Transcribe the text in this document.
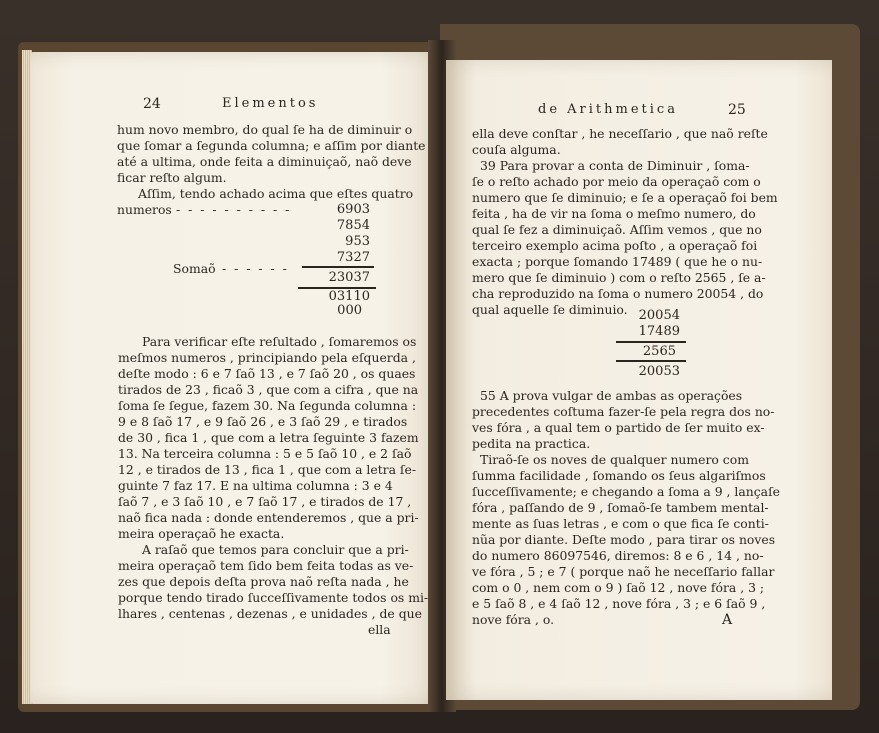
24	Elementos
hum novo membro, do qual ſe ha de diminuir o
que ſomar a ſegunda columna; e aſſim por diante
até a ultima, onde feita a diminuiçaõ, naõ deve
ficar reſto algum.
Aſſim, tendo achado acima que eſtes quatro
numeros - - - - - - - - - -	6903
7854
953
7327
Somaõ - - - - - -
23037
03110
000
Para verificar eſte reſultado , ſomaremos os
meſmos numeros , principiando pela eſquerda ,
deſte modo : 6 e 7 ſaõ 13 , e 7 ſaõ 20 , os quaes
tirados de 23 , ficaõ 3 , que com a cifra , que na
ſoma ſe ſegue, fazem 30. Na ſegunda columna :
9 e 8 ſaõ 17 , e 9 ſaõ 26 , e 3 ſaõ 29 , e tirados
de 30 , fica 1 , que com a letra ſeguinte 3 fazem
13. Na terceira columna : 5 e 5 ſaõ 10 , e 2 ſaõ
12 , e tirados de 13 , fica 1 , que com a letra ſe-
guinte 7 faz 17. E na ultima columna : 3 e 4
ſaõ 7 , e 3 ſaõ 10 , e 7 ſaõ 17 , e tirados de 17 ,
naõ fica nada : donde entenderemos , que a pri-
meira operaçaõ he exacta.
A raſaõ que temos para concluir que a pri-
meira operaçaõ tem ſido bem feita todas as ve-
zes que depois deſta prova naõ reſta nada , he
porque tendo tirado ſucceſſivamente todos os mi-
lhares , centenas , dezenas , e unidades , de que
ella
de Arithmetica	25
ella deve conſtar , he neceſſario , que naõ reſte
couſa alguma.
39 Para provar a conta de Diminuir , ſoma-
ſe o reſto achado por meio da operaçaõ com o
numero que ſe diminuio; e ſe a operaçaõ foi bem
feita , ha de vir na ſoma o meſmo numero, do
qual ſe fez a diminuiçaõ. Aſſim vemos , que no
terceiro exemplo acima poſto , a operaçaõ foi
exacta ; porque ſomando 17489 ( que he o nu-
mero que ſe diminuio ) com o reſto 2565 , ſe a-
cha reproduzido na ſoma o numero 20054 , do
qual aquelle ſe diminuio. 20054
17489
2565
20053
55 A prova vulgar de ambas as operações
precedentes coſtuma fazer-ſe pela regra dos no-
ves fóra , a qual tem o partido de ſer muito ex-
pedita na practica.
Tiraõ-ſe os noves de qualquer numero com
ſumma facilidade , ſomando os ſeus algariſmos
ſucceſſivamente; e chegando a ſoma a 9 , lançaſe
fóra , paſſando de 9 , ſomaõ-ſe tambem mental-
mente as ſuas letras , e com o que fica ſe conti-
nũa por diante. Deſte modo , para tirar os noves
do numero 86097546, diremos: 8 e 6 , 14 , no-
ve fóra , 5 ; e 7 ( porque naõ he neceſſario fallar
com o 0 , nem com o 9 ) ſaõ 12 , nove fóra , 3 ;
e 5 ſaõ 8 , e 4 ſaõ 12 , nove fóra , 3 ; e 6 ſaõ 9 ,
nove fóra , o.	A
